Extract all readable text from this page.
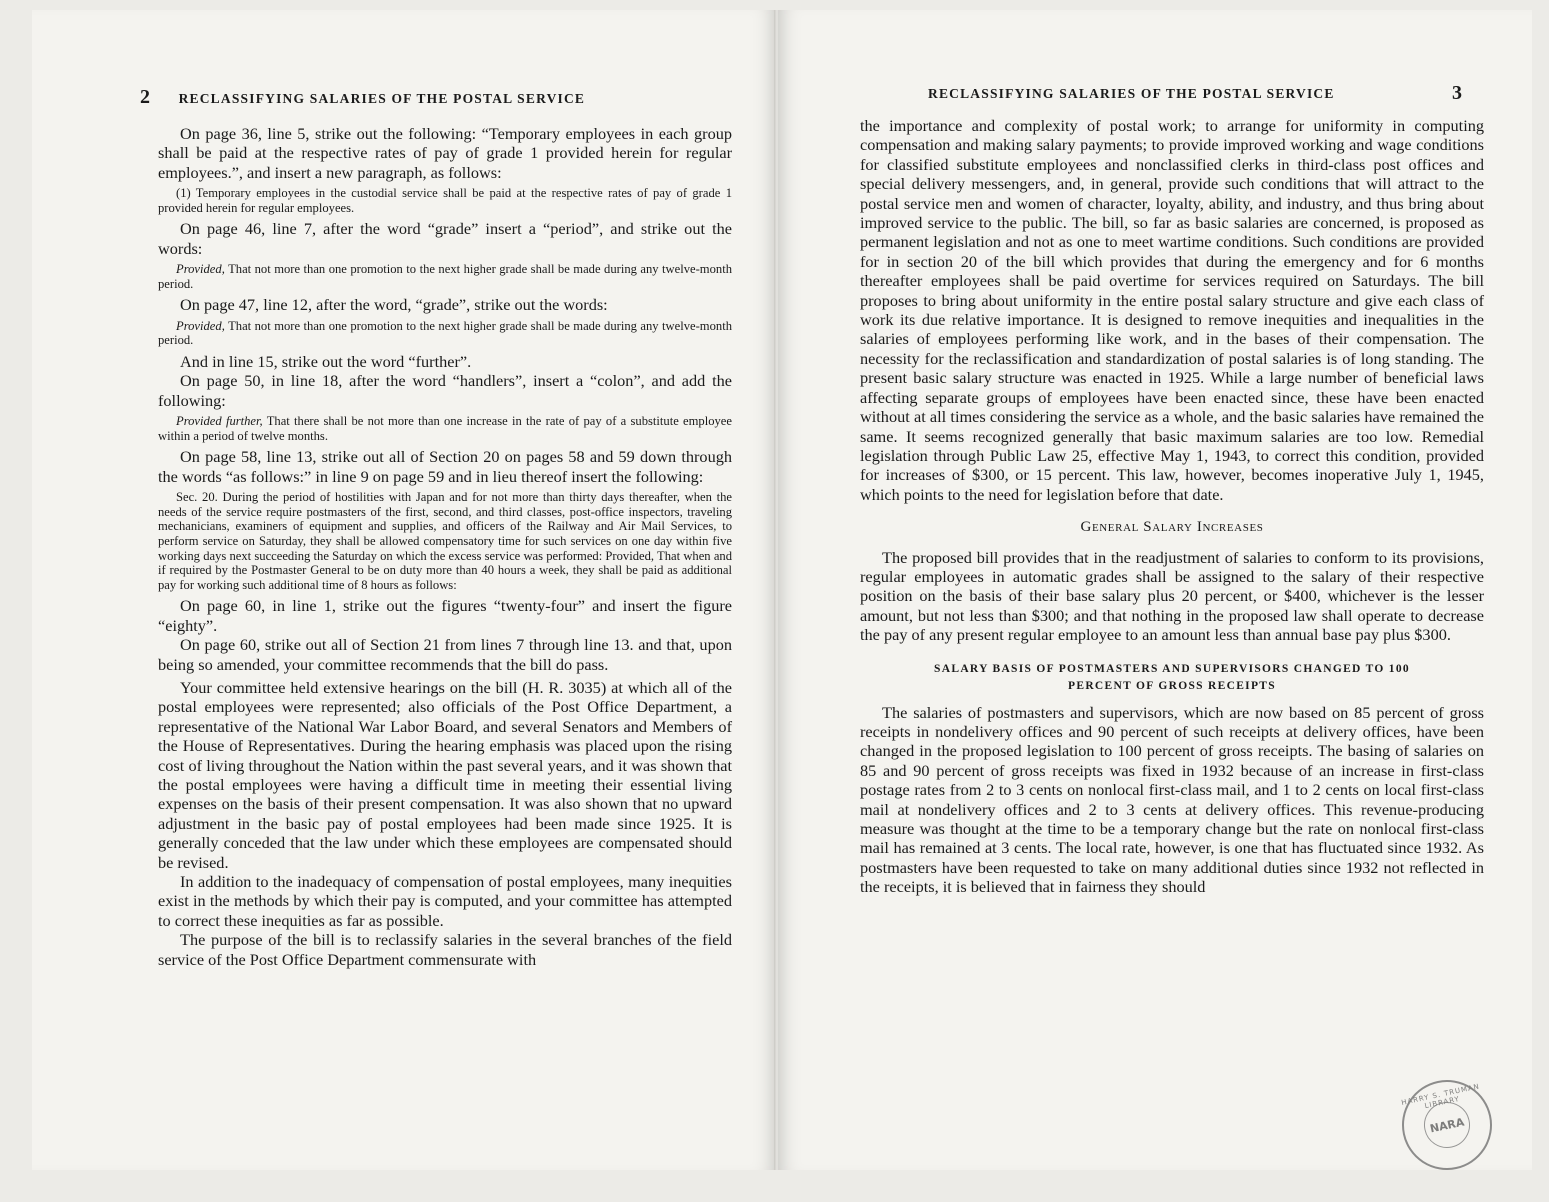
2 RECLASSIFYING SALARIES OF THE POSTAL SERVICE

On page 36, line 5, strike out the following: “Temporary employees in each group shall be paid at the respective rates of pay of grade 1 provided herein for regular employees.”, and insert a new paragraph, as follows:

(1) Temporary employees in the custodial service shall be paid at the respective rates of pay of grade 1 provided herein for regular employees.

On page 46, line 7, after the word “grade” insert a “period”, and strike out the words:

Provided, That not more than one promotion to the next higher grade shall be made during any twelve-month period.

On page 47, line 12, after the word, “grade”, strike out the words:

Provided, That not more than one promotion to the next higher grade shall be made during any twelve-month period.

And in line 15, strike out the word “further”.

On page 50, in line 18, after the word “handlers”, insert a “colon”, and add the following:

Provided further, That there shall be not more than one increase in the rate of pay of a substitute employee within a period of twelve months.

On page 58, line 13, strike out all of Section 20 on pages 58 and 59 down through the words “as follows:” in line 9 on page 59 and in lieu thereof insert the following:

Sec. 20. During the period of hostilities with Japan and for not more than thirty days thereafter, when the needs of the service require postmasters of the first, second, and third classes, post-office inspectors, traveling mechanicians, examiners of equipment and supplies, and officers of the Railway and Air Mail Services, to perform service on Saturday, they shall be allowed compensatory time for such services on one day within five working days next succeeding the Saturday on which the excess service was performed: Provided, That when and if required by the Postmaster General to be on duty more than 40 hours a week, they shall be paid as additional pay for working such additional time of 8 hours as follows:

On page 60, in line 1, strike out the figures “twenty-four” and insert the figure “eighty”.

On page 60, strike out all of Section 21 from lines 7 through line 13. and that, upon being so amended, your committee recommends that the bill do pass.

Your committee held extensive hearings on the bill (H. R. 3035) at which all of the postal employees were represented; also officials of the Post Office Department, a representative of the National War Labor Board, and several Senators and Members of the House of Representatives. During the hearing emphasis was placed upon the rising cost of living throughout the Nation within the past several years, and it was shown that the postal employees were having a difficult time in meeting their essential living expenses on the basis of their present compensation. It was also shown that no upward adjustment in the basic pay of postal employees had been made since 1925. It is generally conceded that the law under which these employees are compensated should be revised.

In addition to the inadequacy of compensation of postal employees, many inequities exist in the methods by which their pay is computed, and your committee has attempted to correct these inequities as far as possible.

The purpose of the bill is to reclassify salaries in the several branches of the field service of the Post Office Department commensurate with

RECLASSIFYING SALARIES OF THE POSTAL SERVICE	3

the importance and complexity of postal work; to arrange for uniformity in computing compensation and making salary payments; to provide improved working and wage conditions for classified substitute employees and nonclassified clerks in third-class post offices and special delivery messengers, and, in general, provide such conditions that will attract to the postal service men and women of character, loyalty, ability, and industry, and thus bring about improved service to the public. The bill, so far as basic salaries are concerned, is proposed as permanent legislation and not as one to meet wartime conditions. Such conditions are provided for in section 20 of the bill which provides that during the emergency and for 6 months thereafter employees shall be paid overtime for services required on Saturdays. The bill proposes to bring about uniformity in the entire postal salary structure and give each class of work its due relative importance. It is designed to remove inequities and inequalities in the salaries of employees performing like work, and in the bases of their compensation. The necessity for the reclassification and standardization of postal salaries is of long standing. The present basic salary structure was enacted in 1925. While a large number of beneficial laws affecting separate groups of employees have been enacted since, these have been enacted without at all times considering the service as a whole, and the basic salaries have remained the same. It seems recognized generally that basic maximum salaries are too low. Remedial legislation through Public Law 25, effective May 1, 1943, to correct this condition, provided for increases of $300, or 15 percent. This law, however, becomes inoperative July 1, 1945, which points to the need for legislation before that date.

General Salary Increases

The proposed bill provides that in the readjustment of salaries to conform to its provisions, regular employees in automatic grades shall be assigned to the salary of their respective position on the basis of their base salary plus 20 percent, or $400, whichever is the lesser amount, but not less than $300; and that nothing in the proposed law shall operate to decrease the pay of any present regular employee to an amount less than annual base pay plus $300.

SALARY BASIS OF POSTMASTERS AND SUPERVISORS CHANGED TO 100
PERCENT OF GROSS RECEIPTS

The salaries of postmasters and supervisors, which are now based on 85 percent of gross receipts in nondelivery offices and 90 percent of such receipts at delivery offices, have been changed in the proposed legislation to 100 percent of gross receipts. The basing of salaries on 85 and 90 percent of gross receipts was fixed in 1932 because of an increase in first-class postage rates from 2 to 3 cents on nonlocal first-class mail, and 1 to 2 cents on local first-class mail at nondelivery offices and 2 to 3 cents at delivery offices. This revenue-producing measure was thought at the time to be a temporary change but the rate on nonlocal first-class mail has remained at 3 cents. The local rate, however, is one that has fluctuated since 1932. As postmasters have been requested to take on many additional duties since 1932 not reflected in the receipts, it is believed that in fairness they should

HARRY S. TRUMAN LIBRARY
NARA
